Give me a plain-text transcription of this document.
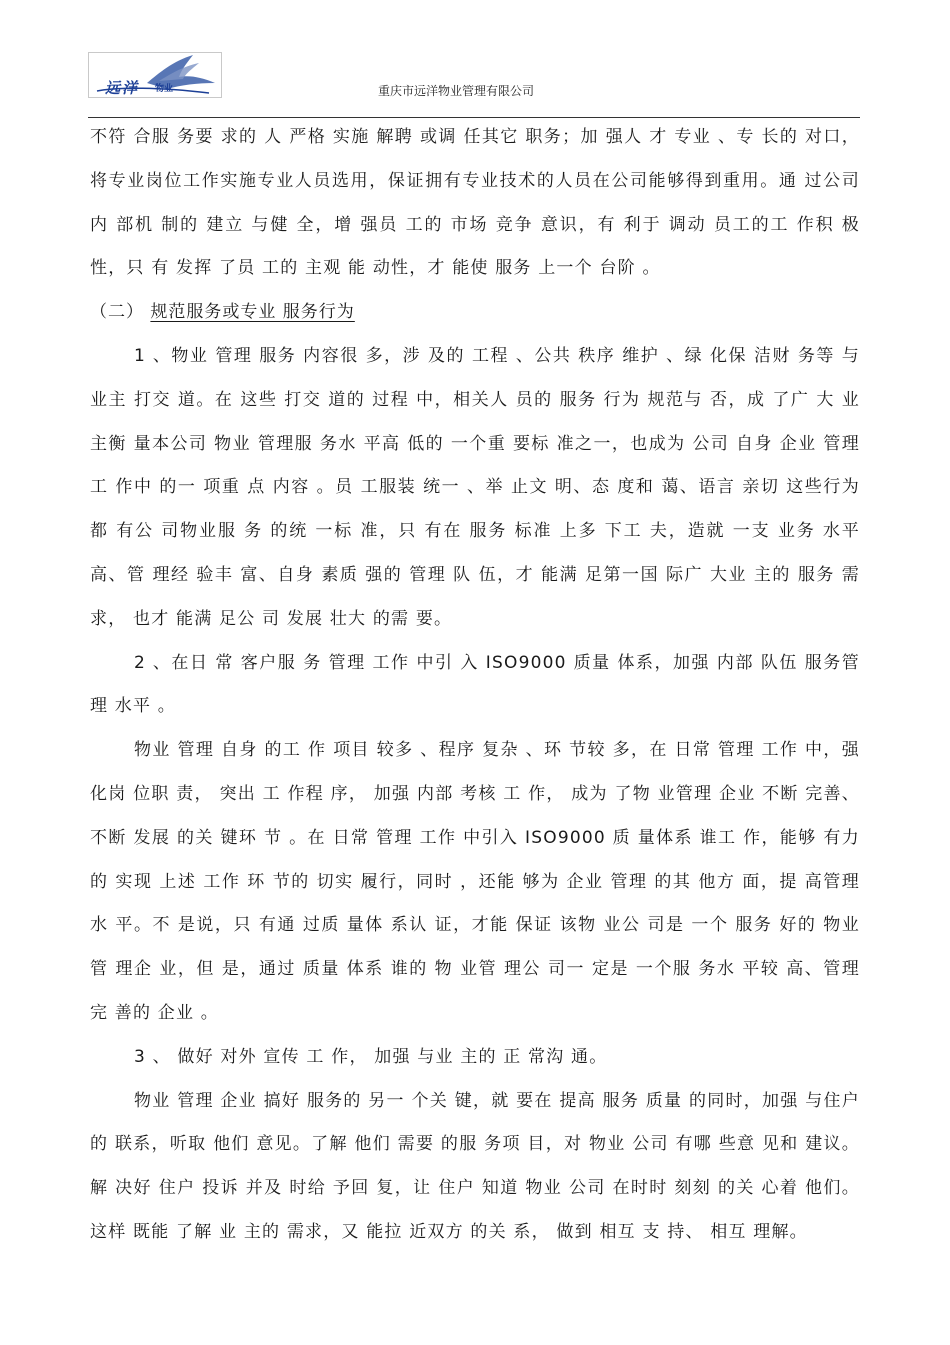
远洋 物业	重庆市远洋物业管理有限公司

不符 合服 务要 求的 人 严格 实施 解聘 或调 任其它 职务；加 强人 才 专业 、专 长的 对口，将专业岗位工作实施专业人员选用，保证拥有专业技术的人员在公司能够得到重用。通 过公司内 部机 制的 建立 与健 全，增 强员 工的 市场 竞争 意识，有 利于 调动 员工的工 作积 极性，只 有 发挥 了员 工的 主观 能 动性，才 能使 服务 上一个 台阶 。

（二） 规范服务或专业 服务行为

1 、物业 管理 服务 内容很 多，涉 及的 工程 、公共 秩序 维护 、绿 化保 洁财 务等 与业主 打交 道。在 这些 打交 道的 过程 中，相关人 员的 服务 行为 规范与 否，成 了广 大 业主衡 量本公司 物业 管理服 务水 平高 低的 一个重 要标 准之一，也成为 公司 自身 企业 管理工 作中 的一 项重 点 内容 。员 工服装 统一 、举 止文 明、态 度和 蔼、语言 亲切 这些行为都 有公 司物业服 务 的统 一标 准，只 有在 服务 标准 上多 下工 夫，造就 一支 业务 水平高、管 理经 验丰 富、自身 素质 强的 管理 队 伍，才 能满 足第一国 际广 大业 主的 服务 需求， 也才 能满 足公 司 发展 壮大 的需 要。

2 、在日 常 客户服 务 管理 工作 中引 入 ISO9000 质量 体系，加强 内部 队伍 服务管理 水平 。

物业 管理 自身 的工 作 项目 较多 、程序 复杂 、环 节较 多，在 日常 管理 工作 中，强化岗 位职 责， 突出 工 作程 序， 加强 内部 考核 工 作， 成为 了物 业管理 企业 不断 完善、不断 发展 的关 键环 节 。在 日常 管理 工作 中引入 ISO9000 质 量体系 谁工 作，能够 有力的 实现 上述 工作 环 节的 切实 履行，同时 ，还能 够为 企业 管理 的其 他方 面，提 高管理水 平。不 是说，只 有通 过质 量体 系认 证，才能 保证 该物 业公 司是 一个 服务 好的 物业管 理企 业，但 是，通过 质量 体系 谁的 物 业管 理公 司一 定是 一个服 务水 平较 高、管理完 善的 企业 。

3 、 做好 对外 宣传 工 作， 加强 与业 主的 正 常沟 通。

物业 管理 企业 搞好 服务的 另一 个关 键，就 要在 提高 服务 质量 的同时，加强 与住户的 联系，听取 他们 意见。了解 他们 需要 的服 务项 目，对 物业 公司 有哪 些意 见和 建议。解 决好 住户 投诉 并及 时给 予回 复，让 住户 知道 物业 公司 在时时 刻刻 的关 心着 他们。 这样 既能 了解 业 主的 需求，又 能拉 近双方 的关 系， 做到 相互 支 持、 相互 理解。
